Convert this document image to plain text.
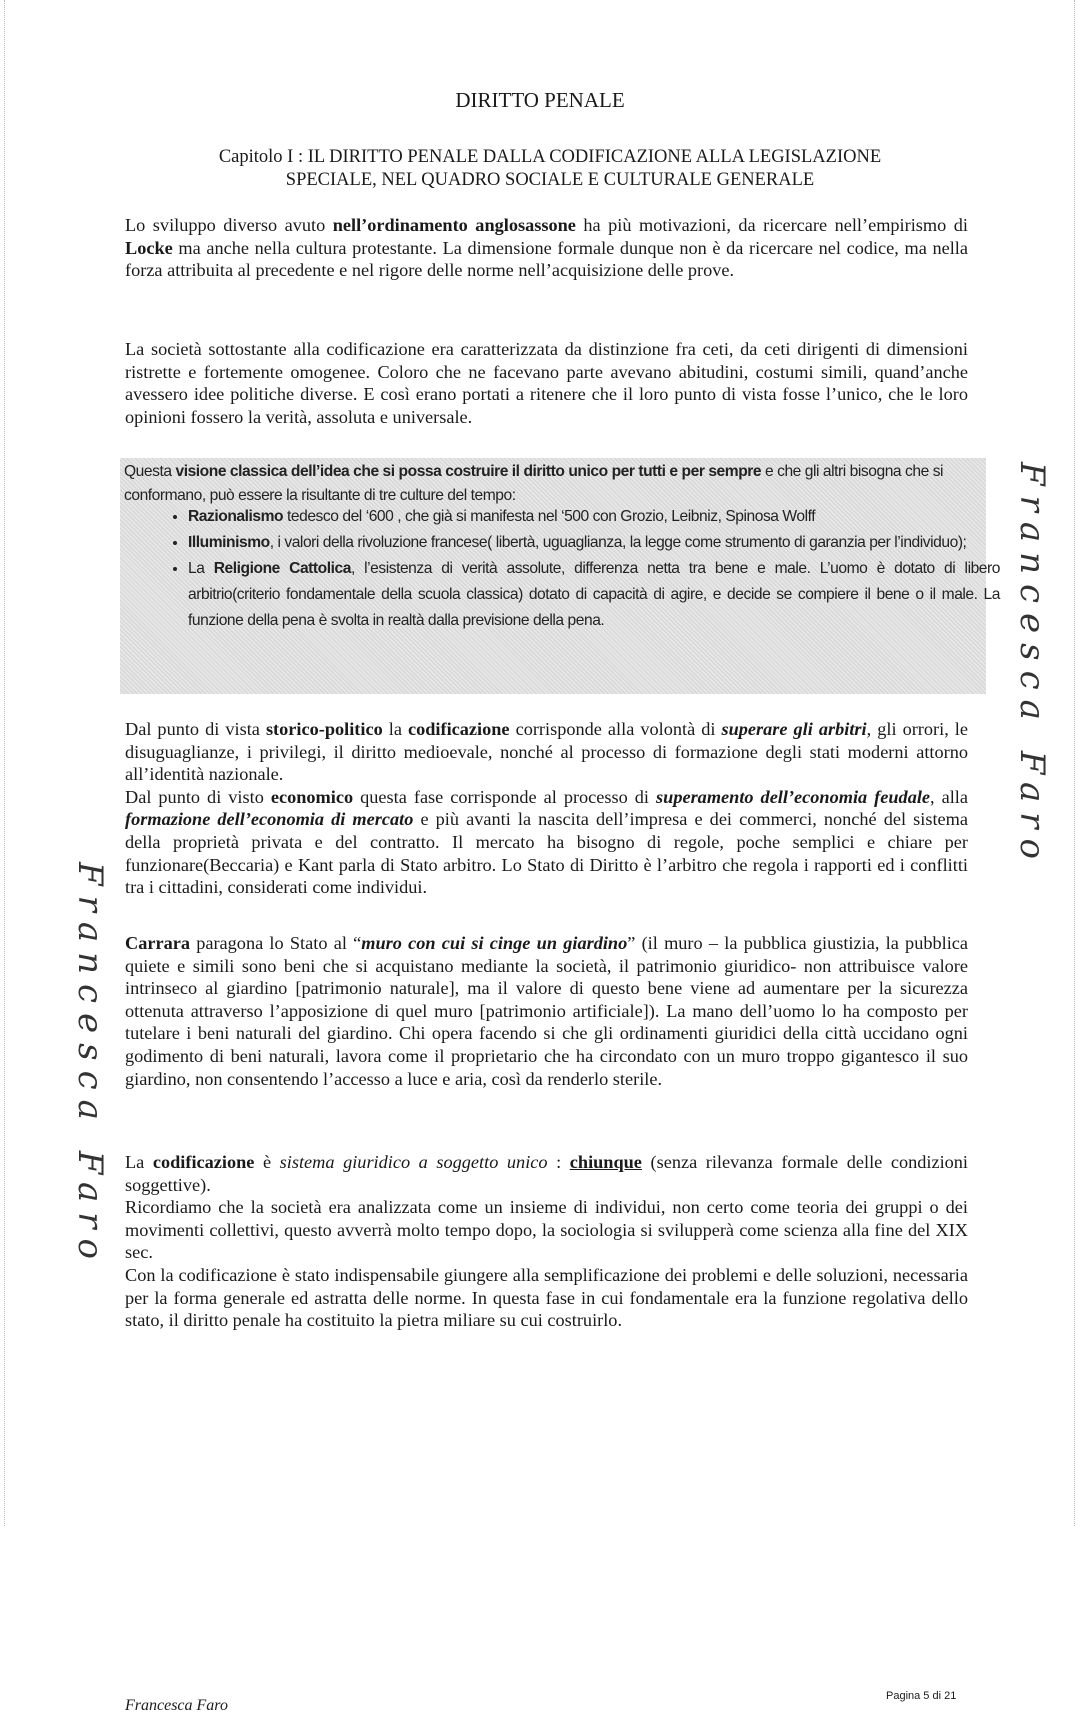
DIRITTO PENALE
Capitolo I : IL DIRITTO PENALE DALLA CODIFICAZIONE ALLA LEGISLAZIONE
SPECIALE, NEL QUADRO SOCIALE E CULTURALE GENERALE

Lo sviluppo diverso avuto nell’ordinamento anglosassone ha più motivazioni, da ricercare nell’empirismo di Locke ma anche nella cultura protestante. La dimensione formale dunque non è da ricercare nel codice, ma nella forza attribuita al precedente e nel rigore delle norme nell’acquisizione delle prove.

La società sottostante alla codificazione era caratterizzata da distinzione fra ceti, da ceti dirigenti di dimensioni ristrette e fortemente omogenee. Coloro che ne facevano parte avevano abitudini, costumi simili, quand’anche avessero idee politiche diverse. E così erano portati a ritenere che il loro punto di vista fosse l’unico, che le loro opinioni fossero la verità, assoluta e universale.

Questa visione classica dell’idea che si possa costruire il diritto unico per tutti e per sempre e che gli altri bisogna che si conformano, può essere la risultante di tre culture del tempo:
• Razionalismo tedesco del ‘600 , che già si manifesta nel ‘500 con Grozio, Leibniz, Spinosa Wolff
• Illuminismo, i valori della rivoluzione francese( libertà, uguaglianza, la legge come strumento di garanzia per l’individuo);
• La Religione Cattolica, l’esistenza di verità assolute, differenza netta tra bene e male. L’uomo è dotato di libero arbitrio(criterio fondamentale della scuola classica) dotato di capacità di agire, e decide se compiere il bene o il male. La funzione della pena è svolta in realtà dalla previsione della pena.

Dal punto di vista storico-politico la codificazione corrisponde alla volontà di superare gli arbitri, gli orrori, le disuguaglianze, i privilegi, il diritto medioevale, nonché al processo di formazione degli stati moderni attorno all’identità nazionale.

Dal punto di visto economico questa fase corrisponde al processo di superamento dell’economia feudale, alla formazione dell’economia di mercato e più avanti la nascita dell’impresa e dei commerci, nonché del sistema della proprietà privata e del contratto. Il mercato ha bisogno di regole, poche semplici e chiare per funzionare(Beccaria) e Kant parla di Stato arbitro. Lo Stato di Diritto è l’arbitro che regola i rapporti ed i conflitti tra i cittadini, considerati come individui.

Carrara paragona lo Stato al “muro con cui si cinge un giardino” (il muro – la pubblica giustizia, la pubblica quiete e simili sono beni che si acquistano mediante la società, il patrimonio giuridico- non attribuisce valore intrinseco al giardino [patrimonio naturale], ma il valore di questo bene viene ad aumentare per la sicurezza ottenuta attraverso l’apposizione di quel muro [patrimonio artificiale]). La mano dell’uomo lo ha composto per tutelare i beni naturali del giardino. Chi opera facendo si che gli ordinamenti giuridici della città uccidano ogni godimento di beni naturali, lavora come il proprietario che ha circondato con un muro troppo gigantesco il suo giardino, non consentendo l’accesso a luce e aria, così da renderlo sterile.

La codificazione è sistema giuridico a soggetto unico : chiunque (senza rilevanza formale delle condizioni soggettive).

Ricordiamo che la società era analizzata come un insieme di individui, non certo come teoria dei gruppi o dei movimenti collettivi, questo avverrà molto tempo dopo, la sociologia si svilupperà come scienza alla fine del XIX sec.

Con la codificazione è stato indispensabile giungere alla semplificazione dei problemi e delle soluzioni, necessaria per la forma generale ed astratta delle norme. In questa fase in cui fondamentale era la funzione regolativa dello stato, il diritto penale ha costituito la pietra miliare su cui costruirlo.

Francesca Faro
Francesca Faro
Francesca Faro
Pagina 5 di 21
